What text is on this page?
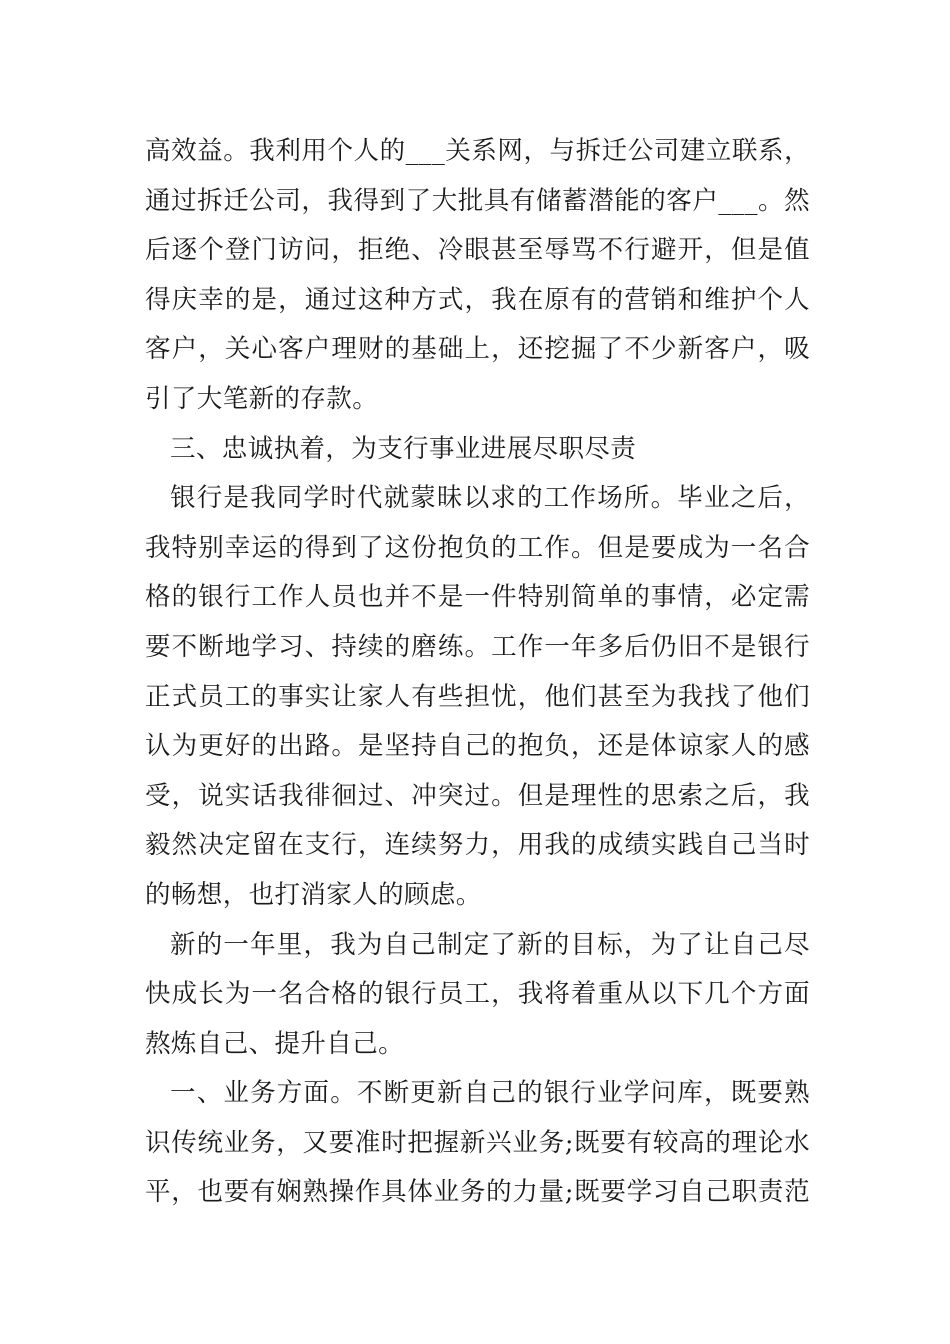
高效益。我利用个人的___关系网，与拆迁公司建立联系，
通过拆迁公司，我得到了大批具有储蓄潜能的客户___。然
后逐个登门访问，拒绝、冷眼甚至辱骂不行避开，但是值
得庆幸的是，通过这种方式，我在原有的营销和维护个人
客户，关心客户理财的基础上，还挖掘了不少新客户，吸
引了大笔新的存款。
三、忠诚执着，为支行事业进展尽职尽责
银行是我同学时代就蒙昧以求的工作场所。毕业之后，
我特别幸运的得到了这份抱负的工作。但是要成为一名合
格的银行工作人员也并不是一件特别简单的事情，必定需
要不断地学习、持续的磨练。工作一年多后仍旧不是银行
正式员工的事实让家人有些担忧，他们甚至为我找了他们
认为更好的出路。是坚持自己的抱负，还是体谅家人的感
受，说实话我徘徊过、冲突过。但是理性的思索之后，我
毅然决定留在支行，连续努力，用我的成绩实践自己当时
的畅想，也打消家人的顾虑。
新的一年里，我为自己制定了新的目标，为了让自己尽
快成长为一名合格的银行员工，我将着重从以下几个方面
熬炼自己、提升自己。
一、业务方面。不断更新自己的银行业学问库，既要熟
识传统业务，又要准时把握新兴业务;既要有较高的理论水
平，也要有娴熟操作具体业务的力量;既要学习自己职责范
